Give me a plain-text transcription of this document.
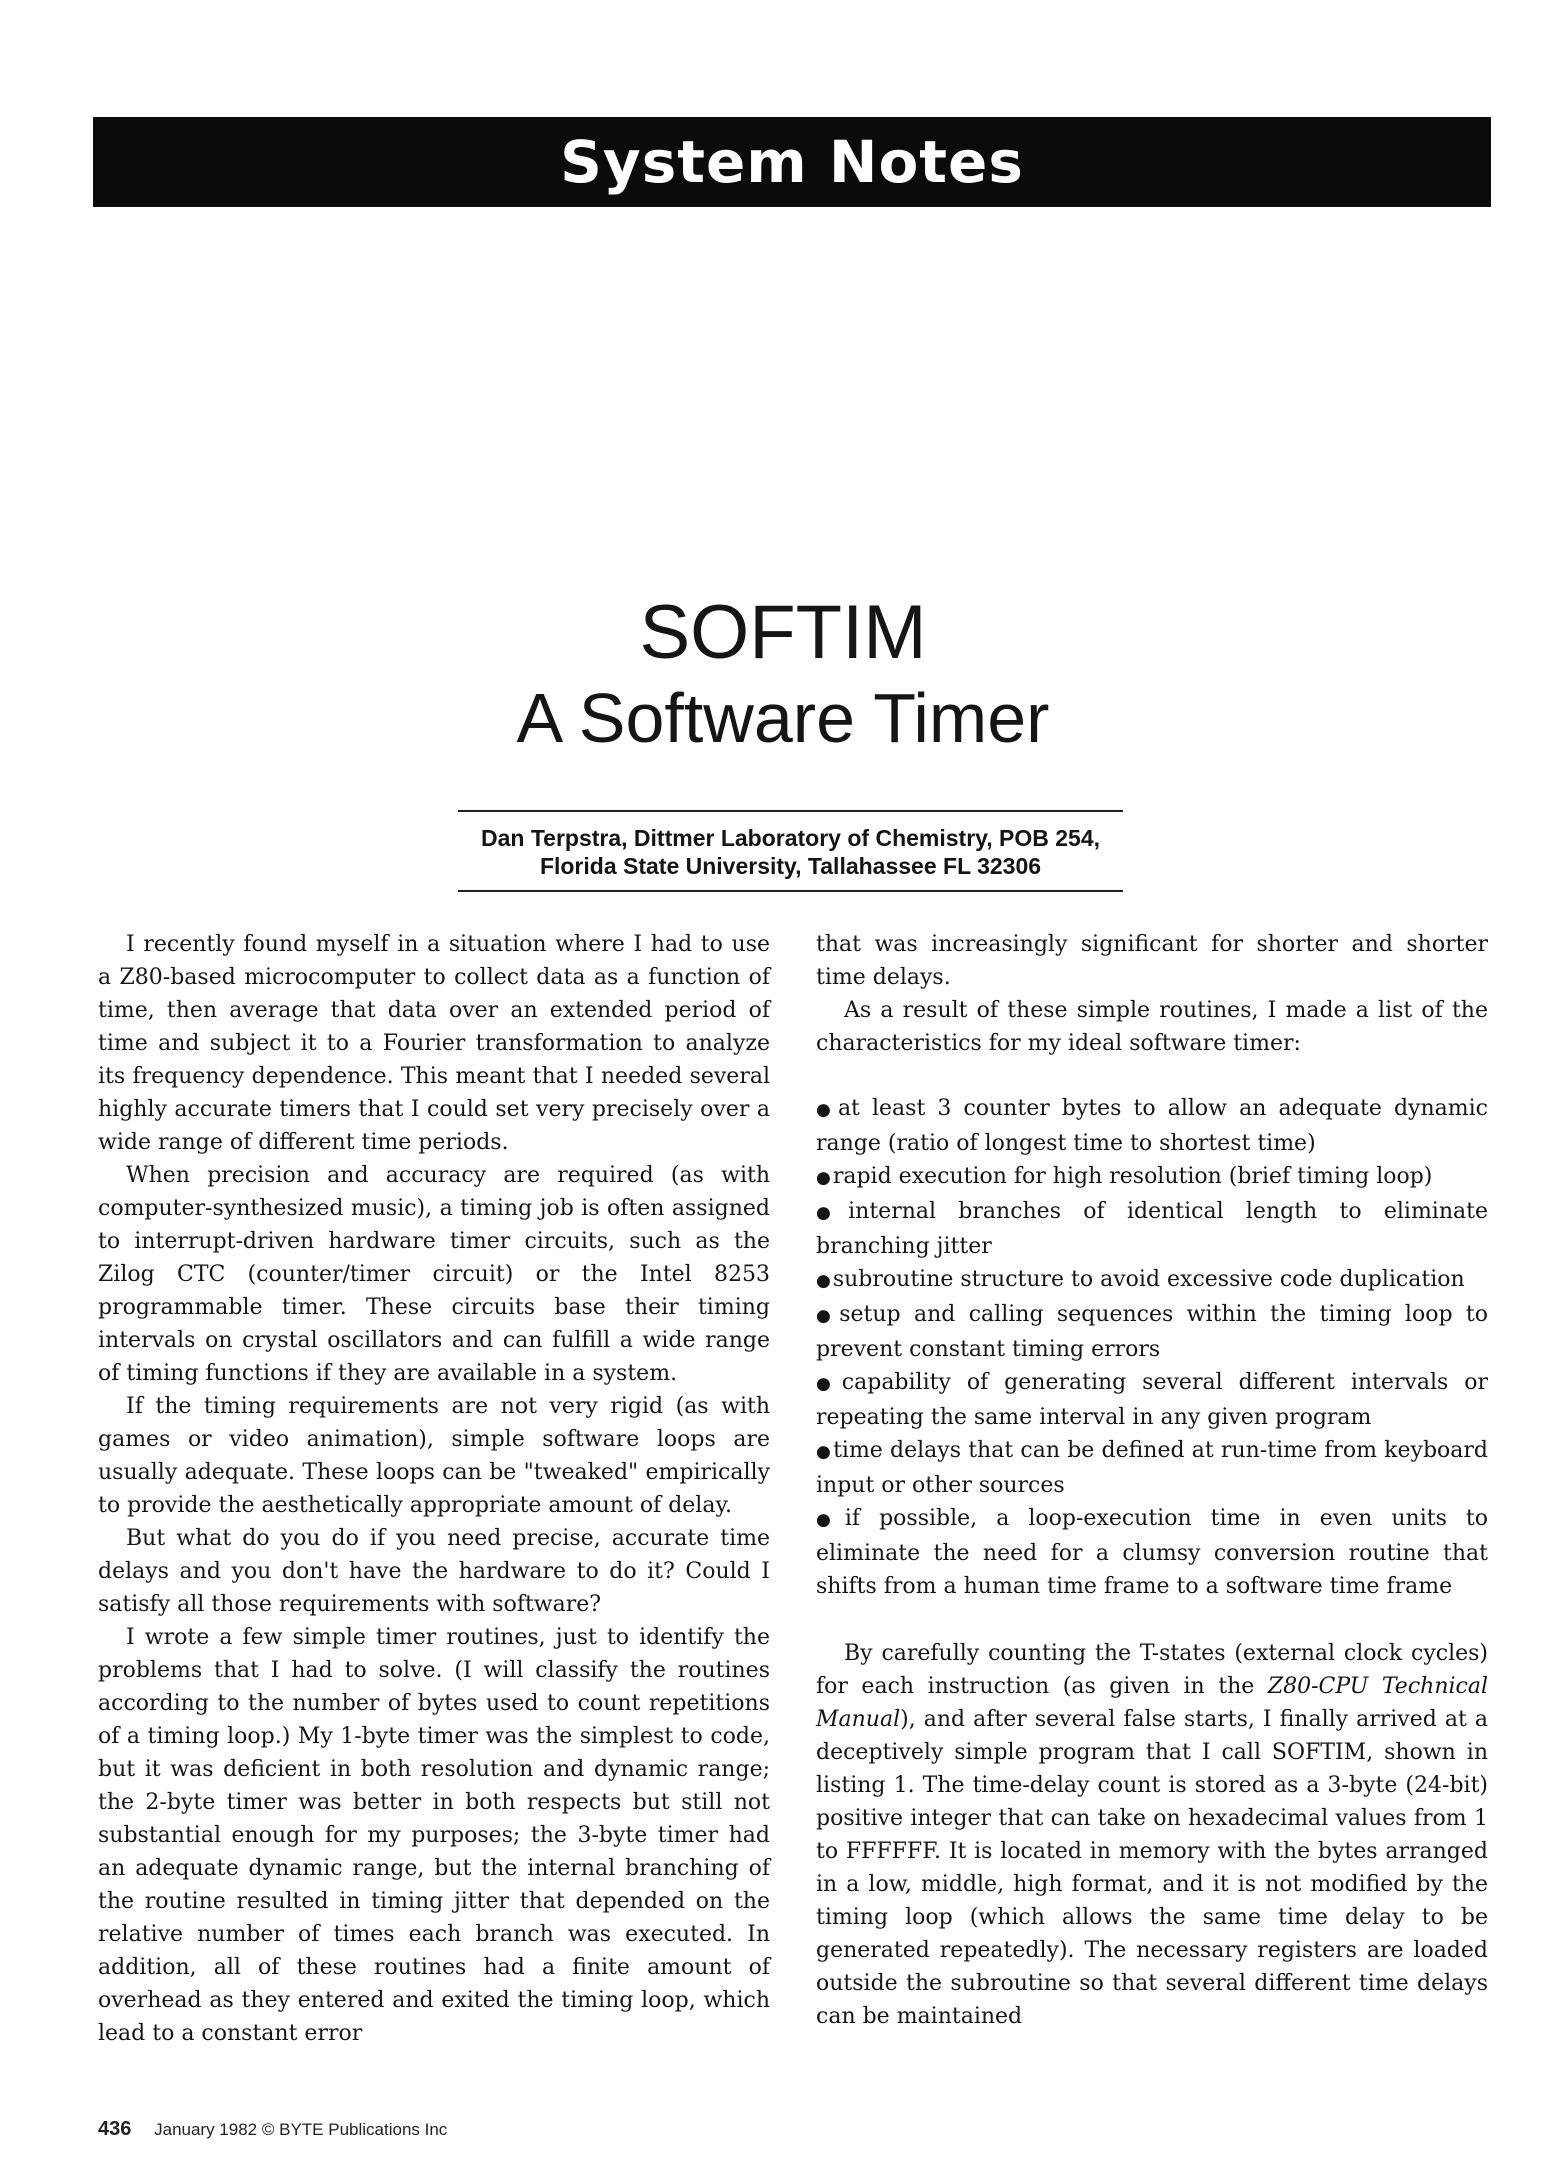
System Notes
SOFTIM
A Software Timer
Dan Terpstra, Dittmer Laboratory of Chemistry, POB 254,
Florida State University, Tallahassee FL 32306

I recently found myself in a situation where I had to use a Z80-based microcomputer to collect data as a function of time, then average that data over an extended period of time and subject it to a Fourier transformation to analyze its frequency dependence. This meant that I needed several highly accurate timers that I could set very precisely over a wide range of different time periods.

When precision and accuracy are required (as with computer-synthesized music), a timing job is often assigned to interrupt-driven hardware timer circuits, such as the Zilog CTC (counter/timer circuit) or the Intel 8253 programmable timer. These circuits base their timing intervals on crystal oscillators and can fulfill a wide range of timing functions if they are available in a system.

If the timing requirements are not very rigid (as with games or video animation), simple software loops are usually adequate. These loops can be "tweaked" empirically to provide the aesthetically appropriate amount of delay.

But what do you do if you need precise, accurate time delays and you don't have the hardware to do it? Could I satisfy all those requirements with software?

I wrote a few simple timer routines, just to identify the problems that I had to solve. (I will classify the routines according to the number of bytes used to count repetitions of a timing loop.) My 1-byte timer was the simplest to code, but it was deficient in both resolution and dynamic range; the 2-byte timer was better in both respects but still not substantial enough for my purposes; the 3-byte timer had an adequate dynamic range, but the internal branching of the routine resulted in timing jitter that depended on the relative number of times each branch was executed. In addition, all of these routines had a finite amount of overhead as they entered and exited the timing loop, which lead to a constant error

that was increasingly significant for shorter and shorter time delays.

As a result of these simple routines, I made a list of the characteristics for my ideal software timer:

● at least 3 counter bytes to allow an adequate dynamic range (ratio of longest time to shortest time)
● rapid execution for high resolution (brief timing loop)
● internal branches of identical length to eliminate branching jitter
● subroutine structure to avoid excessive code duplication
● setup and calling sequences within the timing loop to prevent constant timing errors
● capability of generating several different intervals or repeating the same interval in any given program
● time delays that can be defined at run-time from keyboard input or other sources
● if possible, a loop-execution time in even units to eliminate the need for a clumsy conversion routine that shifts from a human time frame to a software time frame

By carefully counting the T-states (external clock cycles) for each instruction (as given in the Z80-CPU Technical Manual), and after several false starts, I finally arrived at a deceptively simple program that I call SOFTIM, shown in listing 1. The time-delay count is stored as a 3-byte (24-bit) positive integer that can take on hexadecimal values from 1 to FFFFFF. It is located in memory with the bytes arranged in a low, middle, high format, and it is not modified by the timing loop (which allows the same time delay to be generated repeatedly). The necessary registers are loaded outside the subroutine so that several different time delays can be maintained

436 January 1982 © BYTE Publications Inc
